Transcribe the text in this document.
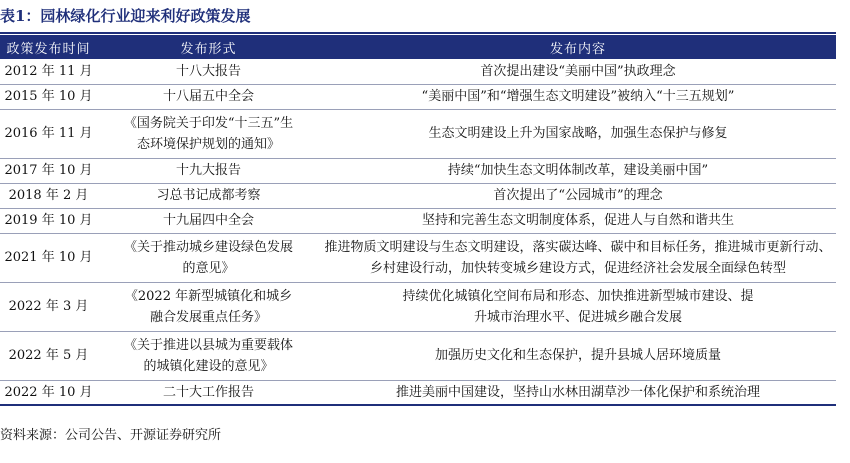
表1：园林绿化行业迎来利好政策发展
政策发布时间	发布形式	发布内容
2012 年 11 月	十八大报告	首次提出建设“美丽中国”执政理念
2015 年 10 月	十八届五中全会	“美丽中国”和“增强生态文明建设”被纳入“十三五规划”
2016 年 11 月	《国务院关于印发“十三五”生态环境保护规划的通知》	生态文明建设上升为国家战略，加强生态保护与修复
2017 年 10 月	十九大报告	持续“加快生态文明体制改革，建设美丽中国”
2018 年 2 月	习总书记成都考察	首次提出了“公园城市”的理念
2019 年 10 月	十九届四中全会	坚持和完善生态文明制度体系，促进人与自然和谐共生
2021 年 10 月	《关于推动城乡建设绿色发展的意见》	推进物质文明建设与生态文明建设，落实碳达峰、碳中和目标任务，推进城市更新行动、乡村建设行动，加快转变城乡建设方式，促进经济社会发展全面绿色转型
2022 年 3 月	《2022 年新型城镇化和城乡融合发展重点任务》	持续优化城镇化空间布局和形态、加快推进新型城市建设、提升城市治理水平、促进城乡融合发展
2022 年 5 月	《关于推进以县城为重要载体的城镇化建设的意见》	加强历史文化和生态保护，提升县城人居环境质量
2022 年 10 月	二十大工作报告	推进美丽中国建设，坚持山水林田湖草沙一体化保护和系统治理
资料来源：公司公告、开源证券研究所
